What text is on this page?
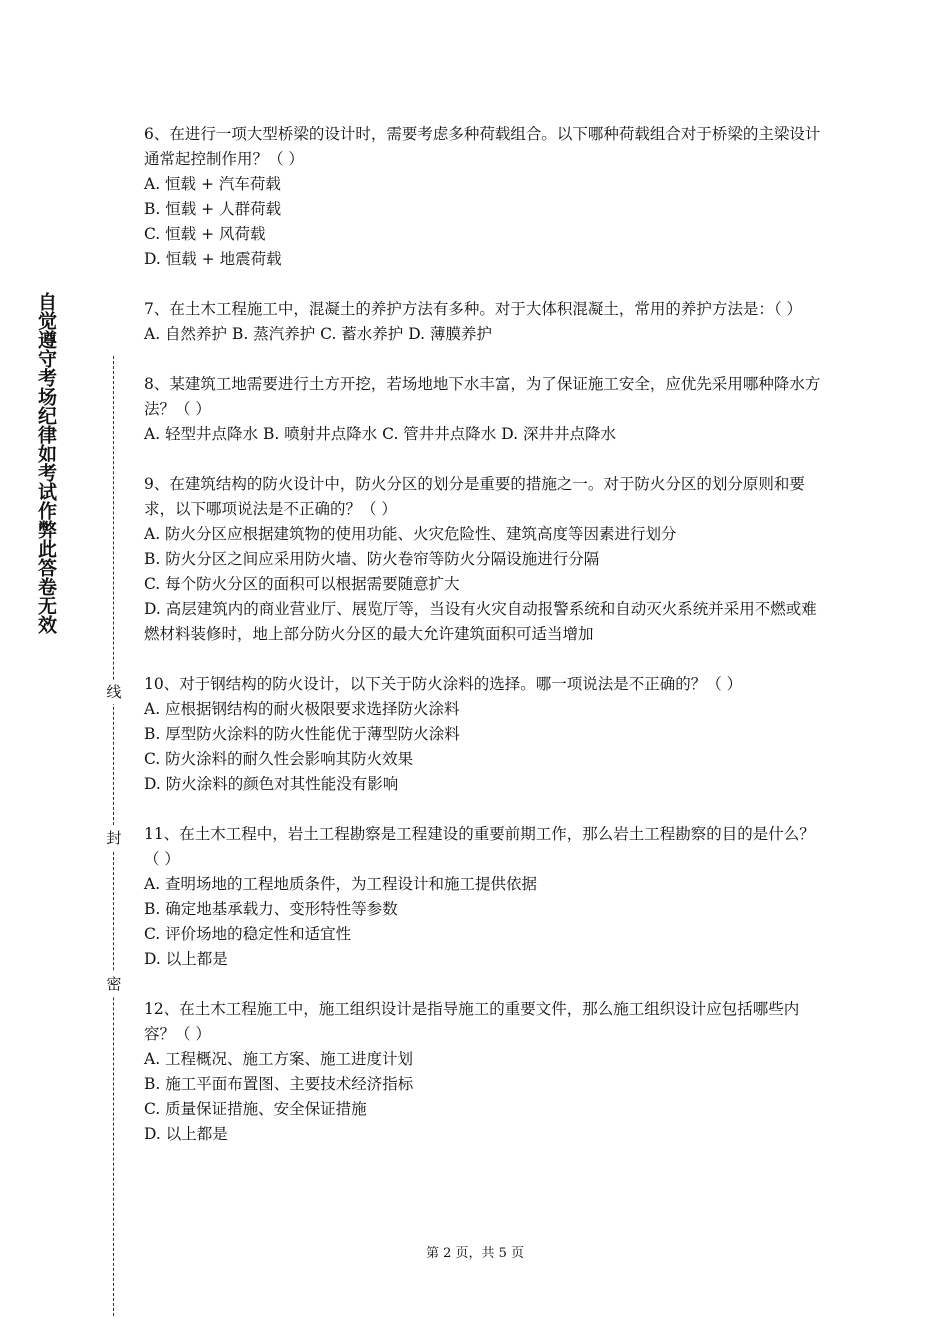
自觉遵守考场纪律如考试作弊此答卷无效
线
封
密

6、在进行一项大型桥梁的设计时，需要考虑多种荷载组合。以下哪种荷载组合对于桥梁的主梁设计通常起控制作用？（ ）

A. 恒载 + 汽车荷载

B. 恒载 + 人群荷载

C. 恒载 + 风荷载

D. 恒载 + 地震荷载

7、在土木工程施工中，混凝土的养护方法有多种。对于大体积混凝土，常用的养护方法是：（ ）

A. 自然养护 B. 蒸汽养护 C. 蓄水养护 D. 薄膜养护

8、某建筑工地需要进行土方开挖，若场地地下水丰富，为了保证施工安全，应优先采用哪种降水方法？（ ）

A. 轻型井点降水 B. 喷射井点降水 C. 管井井点降水 D. 深井井点降水

9、在建筑结构的防火设计中，防火分区的划分是重要的措施之一。对于防火分区的划分原则和要求，以下哪项说法是不正确的？（ ）

A. 防火分区应根据建筑物的使用功能、火灾危险性、建筑高度等因素进行划分

B. 防火分区之间应采用防火墙、防火卷帘等防火分隔设施进行分隔

C. 每个防火分区的面积可以根据需要随意扩大

D. 高层建筑内的商业营业厅、展览厅等，当设有火灾自动报警系统和自动灭火系统并采用不燃或难燃材料装修时，地上部分防火分区的最大允许建筑面积可适当增加

10、对于钢结构的防火设计，以下关于防火涂料的选择。哪一项说法是不正确的？（ ）

A. 应根据钢结构的耐火极限要求选择防火涂料

B. 厚型防火涂料的防火性能优于薄型防火涂料

C. 防火涂料的耐久性会影响其防火效果

D. 防火涂料的颜色对其性能没有影响

11、在土木工程中，岩土工程勘察是工程建设的重要前期工作，那么岩土工程勘察的目的是什么？（ ）

A. 查明场地的工程地质条件，为工程设计和施工提供依据

B. 确定地基承载力、变形特性等参数

C. 评价场地的稳定性和适宜性

D. 以上都是

12、在土木工程施工中，施工组织设计是指导施工的重要文件，那么施工组织设计应包括哪些内容？（ ）

A. 工程概况、施工方案、施工进度计划

B. 施工平面布置图、主要技术经济指标

C. 质量保证措施、安全保证措施

D. 以上都是

第 2 页，共 5 页
